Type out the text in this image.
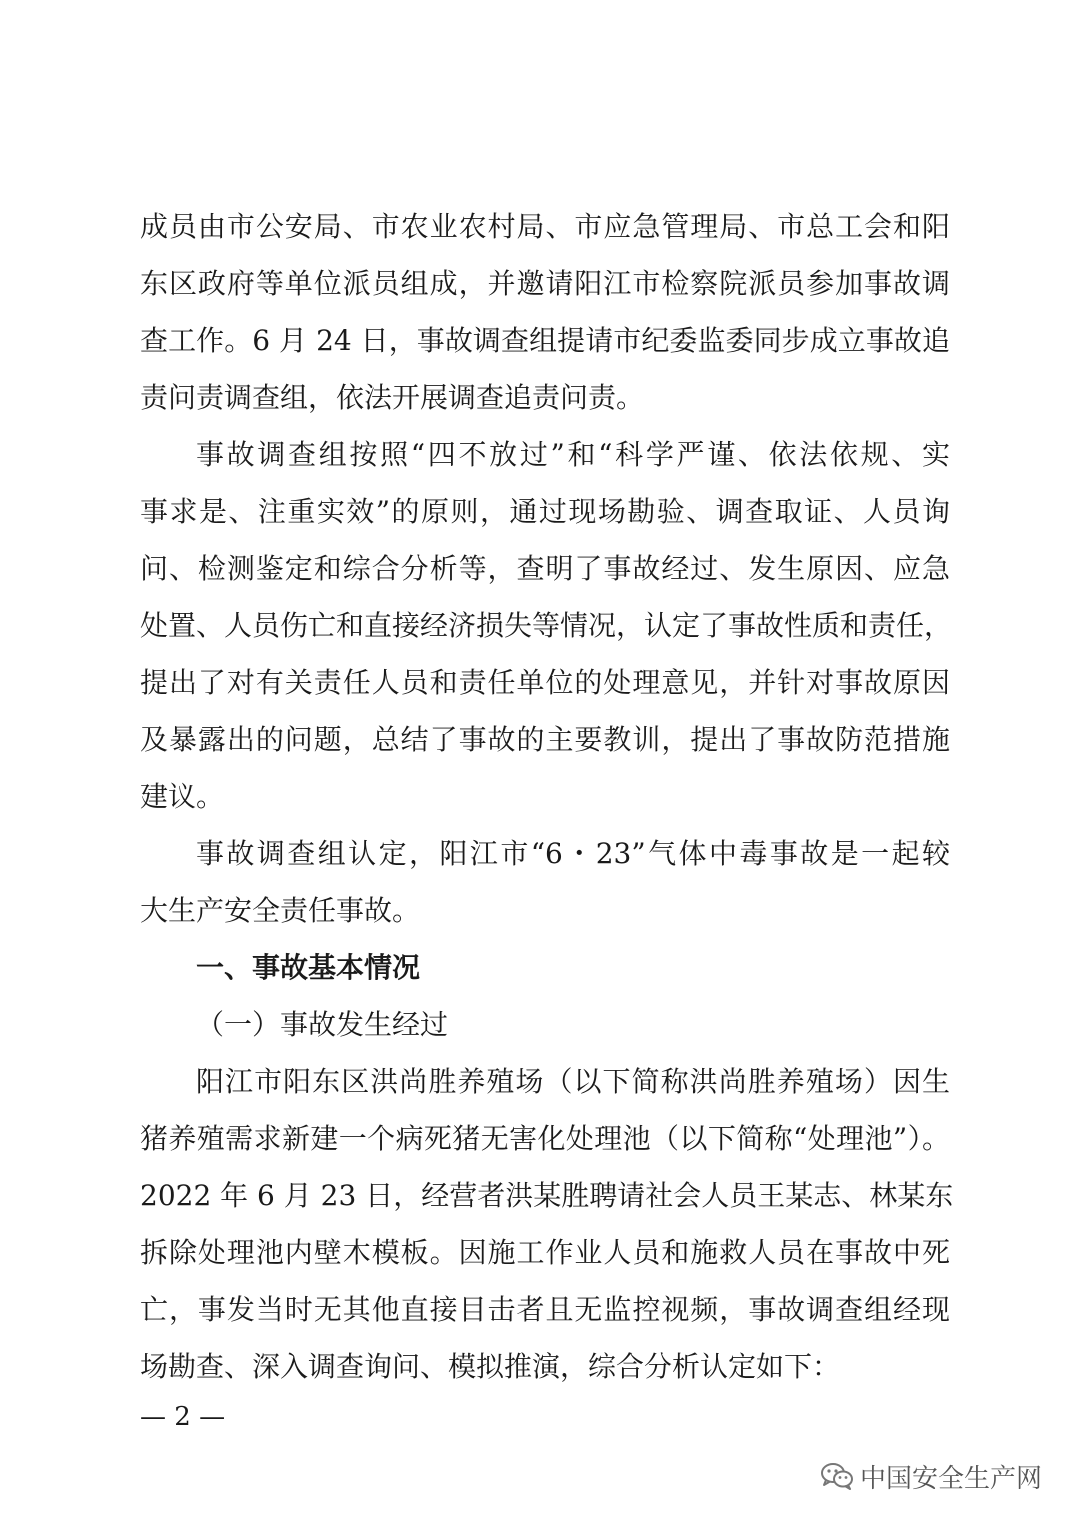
成员由市公安局、市农业农村局、市应急管理局、市总工会和阳
东区政府等单位派员组成，并邀请阳江市检察院派员参加事故调
查工作。6 月 24 日，事故调查组提请市纪委监委同步成立事故追
责问责调查组，依法开展调查追责问责。
事故调查组按照“四不放过”和“科学严谨、依法依规、实
事求是、注重实效”的原则，通过现场勘验、调查取证、人员询
问、检测鉴定和综合分析等，查明了事故经过、发生原因、应急
处置、人员伤亡和直接经济损失等情况，认定了事故性质和责任，
提出了对有关责任人员和责任单位的处理意见，并针对事故原因
及暴露出的问题，总结了事故的主要教训，提出了事故防范措施
建议。
事故调查组认定，阳江市“6・23”气体中毒事故是一起较
大生产安全责任事故。
一、事故基本情况
（一）事故发生经过
阳江市阳东区洪尚胜养殖场（以下简称洪尚胜养殖场）因生
猪养殖需求新建一个病死猪无害化处理池（以下简称“处理池”）。
2022 年 6 月 23 日，经营者洪某胜聘请社会人员王某志、林某东
拆除处理池内壁木模板。因施工作业人员和施救人员在事故中死
亡，事发当时无其他直接目击者且无监控视频，事故调查组经现
场勘查、深入调查询问、模拟推演，综合分析认定如下：
— 2 —
中国安全生产网
